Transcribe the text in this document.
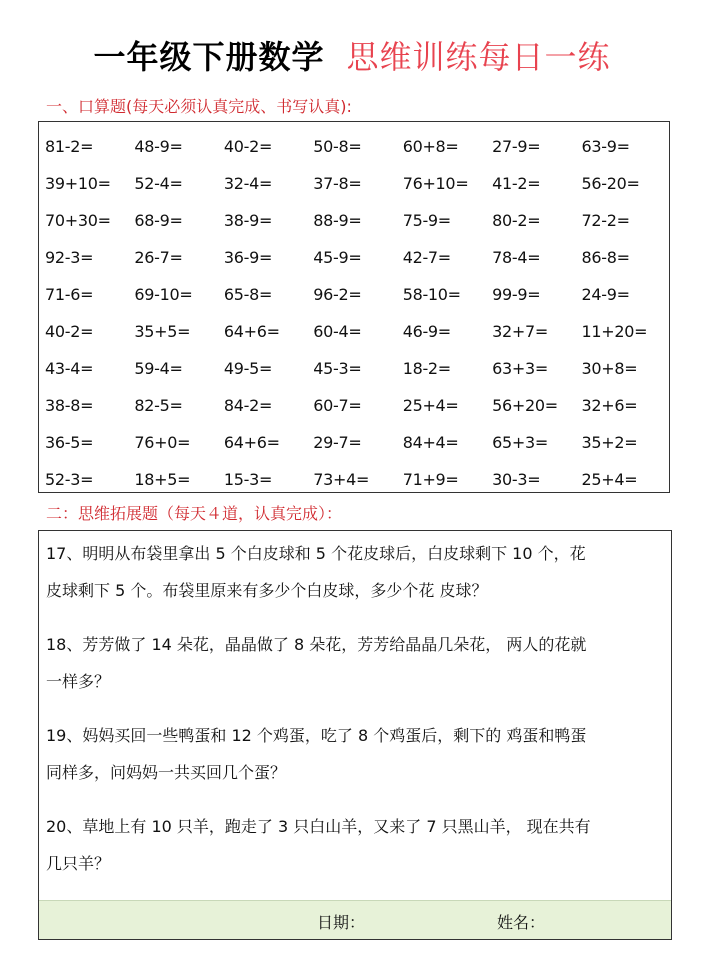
一年级下册数学 思维训练每日一练
一、口算题(每天必须认真完成、书写认真):
81-2=	48-9=	40-2=	50-8=	60+8=	27-9=	63-9=
39+10=	52-4=	32-4=	37-8=	76+10=	41-2=	56-20=
70+30=	68-9=	38-9=	88-9=	75-9=	80-2=	72-2=
92-3=	26-7=	36-9=	45-9=	42-7=	78-4=	86-8=
71-6=	69-10=	65-8=	96-2=	58-10=	99-9=	24-9=
40-2=	35+5=	64+6=	60-4=	46-9=	32+7=	11+20=
43-4=	59-4=	49-5=	45-3=	18-2=	63+3=	30+8=
38-8=	82-5=	84-2=	60-7=	25+4=	56+20=	32+6=
36-5=	76+0=	64+6=	29-7=	84+4=	65+3=	35+2=
52-3=	18+5=	15-3=	73+4=	71+9=	30-3=	25+4=
二：思维拓展题（每天４道，认真完成）：
17、明明从布袋里拿出 5 个白皮球和 5 个花皮球后，白皮球剩下 10 个，花
皮球剩下 5 个。布袋里原来有多少个白皮球，多少个花 皮球？
18、芳芳做了 14 朵花，晶晶做了 8 朵花，芳芳给晶晶几朵花， 两人的花就
一样多？
19、妈妈买回一些鸭蛋和 12 个鸡蛋，吃了 8 个鸡蛋后，剩下的 鸡蛋和鸭蛋
同样多，问妈妈一共买回几个蛋？
20、草地上有 10 只羊，跑走了 3 只白山羊，又来了 7 只黑山羊， 现在共有
几只羊？
日期：	姓名：
